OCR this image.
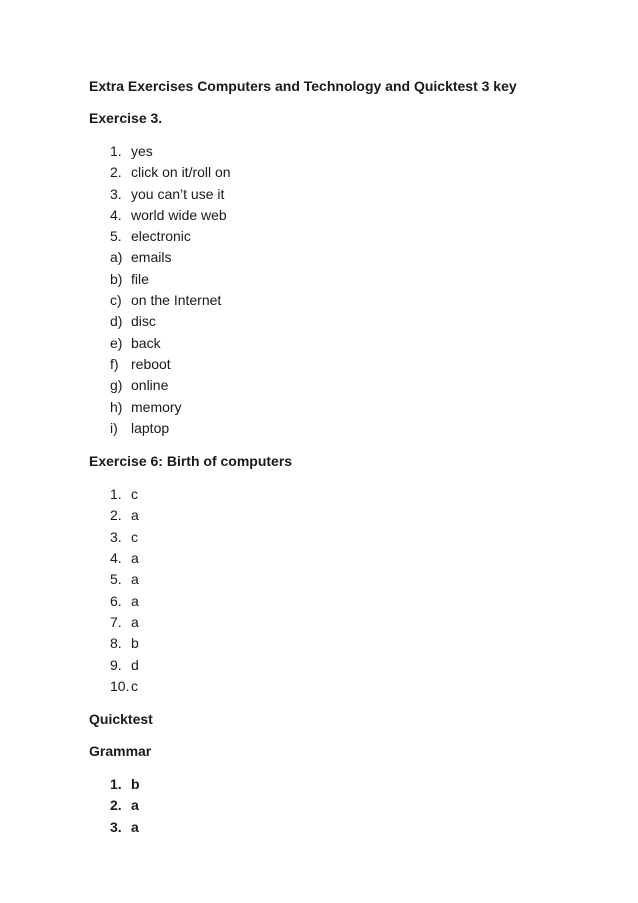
Extra Exercises Computers and Technology and Quicktest 3 key

Exercise 3.

1. yes
2. click on it/roll on
3. you can’t use it
4. world wide web
5. electronic
a) emails
b) file
c) on the Internet
d) disc
e) back
f) reboot
g) online
h) memory
i) laptop

Exercise 6: Birth of computers

1. c
2. a
3. c
4. a
5. a
6. a
7. a
8. b
9. d
10. c

Quicktest

Grammar

1. b
2. a
3. a
